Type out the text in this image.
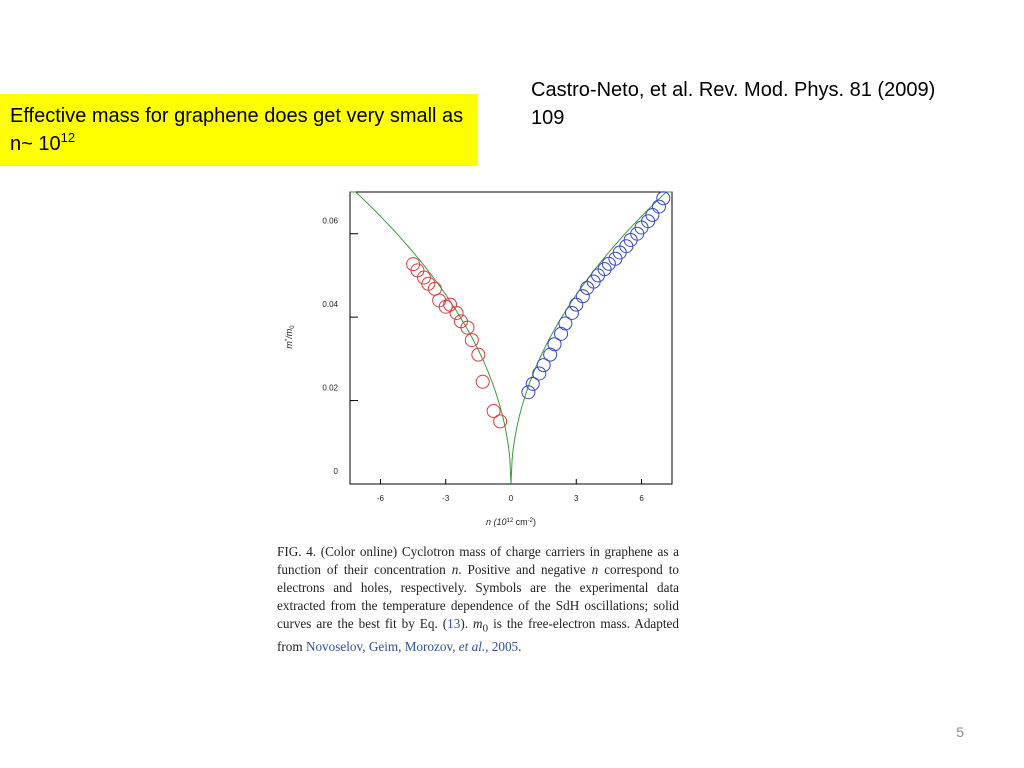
Effective mass for graphene does get very small as n~ $10^{12}$
Castro-Neto, et al. Rev. Mod. Phys. 81 (2009) 109
-6	-3	0	3	6
0
0.02
0.04
0.06
n ($10^{12}$ $cm^{-2}$)
$m^*/m_0$
FIG. 4. (Color online) Cyclotron mass of charge carriers in graphene as a function of their concentration n. Positive and negative n correspond to electrons and holes, respectively. Symbols are the experimental data extracted from the temperature dependence of the SdH oscillations; solid curves are the best fit by Eq. (13). $m_0$ is the free-electron mass. Adapted from Novoselov, Geim, Morozov, et al., 2005.
5
